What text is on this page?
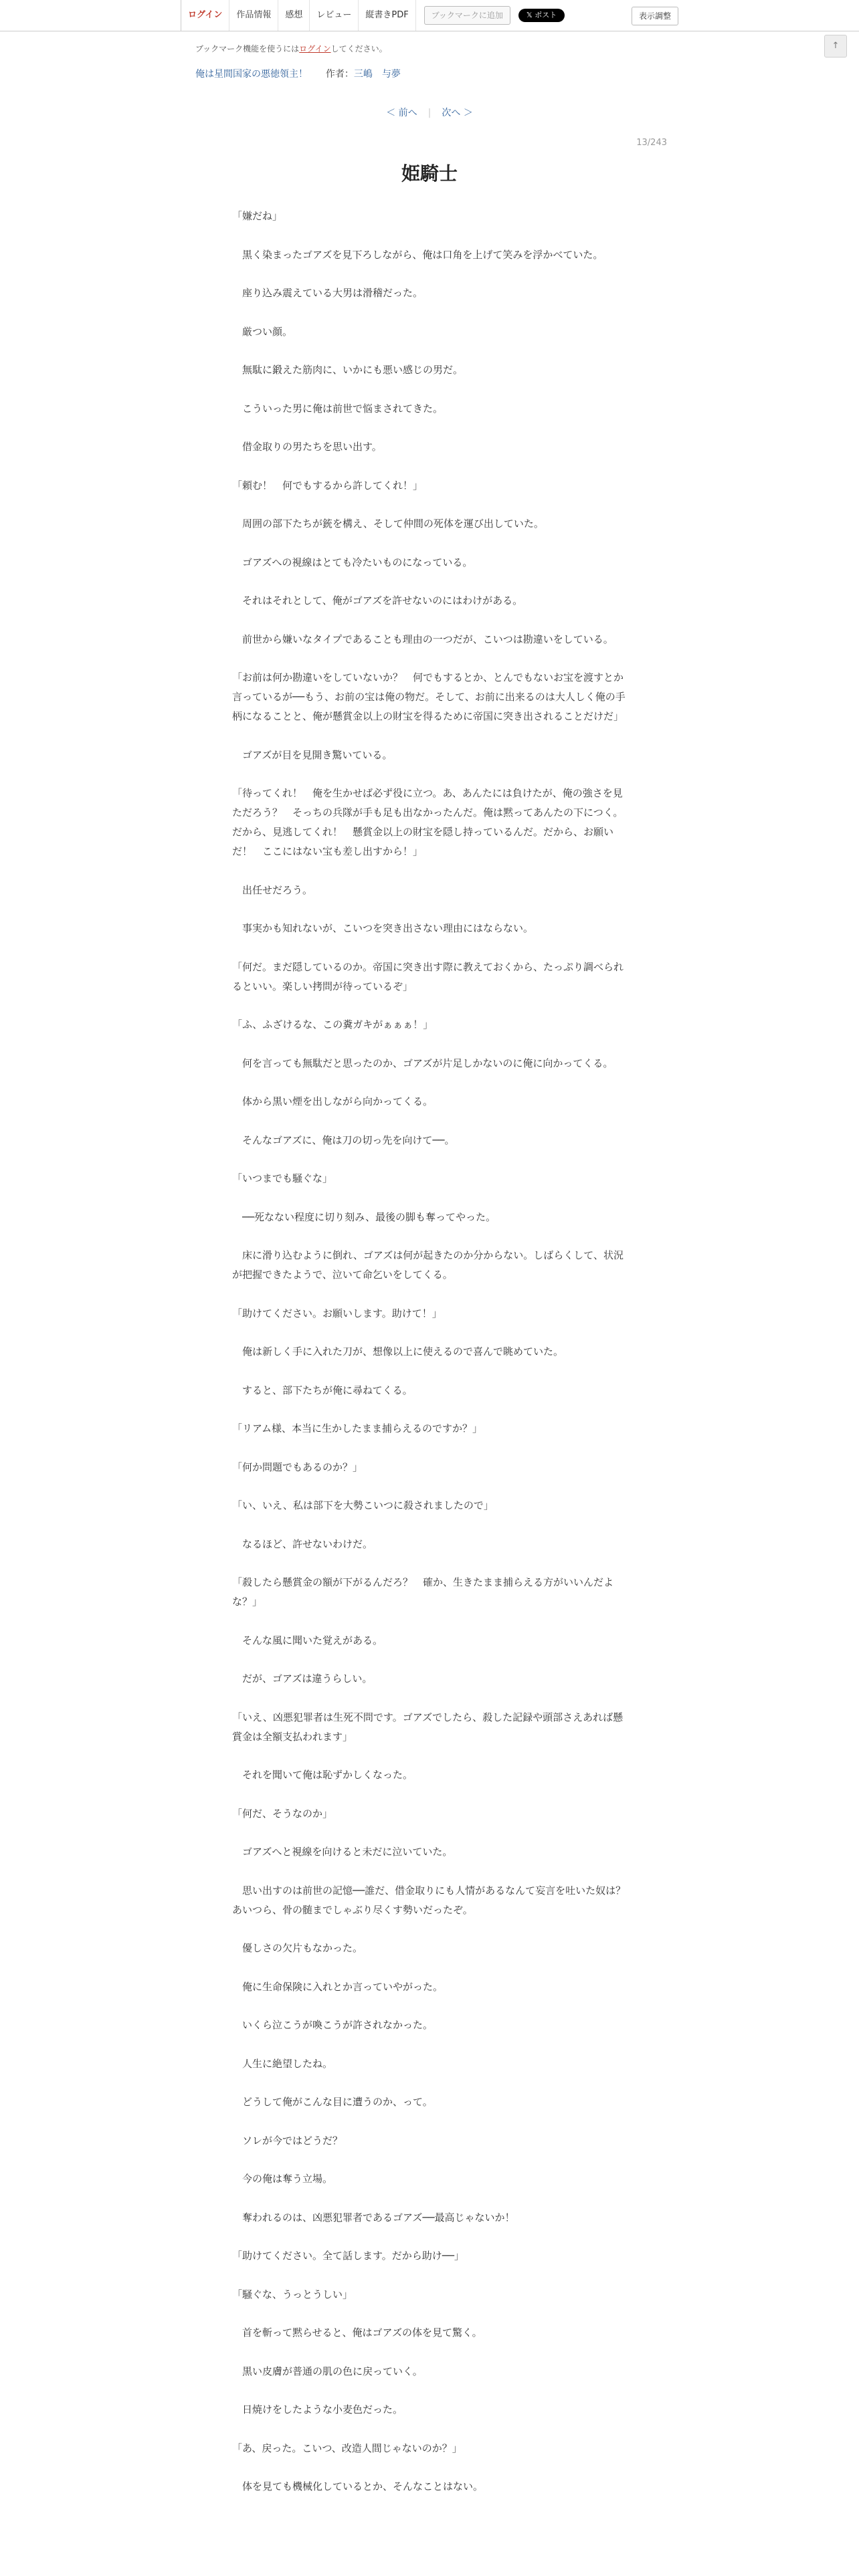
ログイン	作品情報	感想	レビュー	縦書きPDF	ブックマークに追加	𝕏 ポスト	表示調整
↑
ブックマーク機能を使うにはログインしてください。
俺は星間国家の悪徳領主！ 作者：三嶋　与夢
＜ 前へ | 次へ ＞
13/243
姫騎士

「嫌だね」

　黒く染まったゴアズを見下ろしながら、俺は口角を上げて笑みを浮かべていた。

　座り込み震えている大男は滑稽だった。

　厳つい顔。

　無駄に鍛えた筋肉に、いかにも悪い感じの男だ。

　こういった男に俺は前世で悩まされてきた。

　借金取りの男たちを思い出す。

「頼む！　何でもするから許してくれ！」

　周囲の部下たちが銃を構え、そして仲間の死体を運び出していた。

　ゴアズへの視線はとても冷たいものになっている。

　それはそれとして、俺がゴアズを許せないのにはわけがある。

　前世から嫌いなタイプであることも理由の一つだが、こいつは勘違いをしている。

「お前は何か勘違いをしていないか？　何でもするとか、とんでもないお宝を渡すとか言っているが──もう、お前の宝は俺の物だ。そして、お前に出来るのは大人しく俺の手柄になることと、俺が懸賞金以上の財宝を得るために帝国に突き出されることだけだ」

　ゴアズが目を見開き驚いている。

「待ってくれ！　俺を生かせば必ず役に立つ。あ、あんたには負けたが、俺の強さを見ただろう？　そっちの兵隊が手も足も出なかったんだ。俺は黙ってあんたの下につく。だから、見逃してくれ！　懸賞金以上の財宝を隠し持っているんだ。だから、お願いだ！　ここにはない宝も差し出すから！」

　出任せだろう。

　事実かも知れないが、こいつを突き出さない理由にはならない。

「何だ。まだ隠しているのか。帝国に突き出す際に教えておくから、たっぷり調べられるといい。楽しい拷問が待っているぞ」

「ふ、ふざけるな、この糞ガキがぁぁぁ！」

　何を言っても無駄だと思ったのか、ゴアズが片足しかないのに俺に向かってくる。

　体から黒い煙を出しながら向かってくる。

　そんなゴアズに、俺は刀の切っ先を向けて──。

「いつまでも騒ぐな」

　──死なない程度に切り刻み、最後の脚も奪ってやった。

　床に滑り込むように倒れ、ゴアズは何が起きたのか分からない。しばらくして、状況が把握できたようで、泣いて命乞いをしてくる。

「助けてください。お願いします。助けて！」

　俺は新しく手に入れた刀が、想像以上に使えるので喜んで眺めていた。

　すると、部下たちが俺に尋ねてくる。

「リアム様、本当に生かしたまま捕らえるのですか？」

「何か問題でもあるのか？」

「い、いえ、私は部下を大勢こいつに殺されましたので」

　なるほど、許せないわけだ。

「殺したら懸賞金の額が下がるんだろ？　確か、生きたまま捕らえる方がいいんだよな？」

　そんな風に聞いた覚えがある。

　だが、ゴアズは違うらしい。

「いえ、凶悪犯罪者は生死不問です。ゴアズでしたら、殺した記録や頭部さえあれば懸賞金は全額支払われます」

　それを聞いて俺は恥ずかしくなった。

「何だ、そうなのか」

　ゴアズへと視線を向けると未だに泣いていた。

　思い出すのは前世の記憶──誰だ、借金取りにも人情があるなんて妄言を吐いた奴は？　あいつら、骨の髄までしゃぶり尽くす勢いだったぞ。

　優しさの欠片もなかった。

　俺に生命保険に入れとか言っていやがった。

　いくら泣こうが喚こうが許されなかった。

　人生に絶望したね。

　どうして俺がこんな目に遭うのか、って。

　ソレが今ではどうだ？

　今の俺は奪う立場。

　奪われるのは、凶悪犯罪者であるゴアズ──最高じゃないか！

「助けてください。全て話します。だから助け──」

「騒ぐな、うっとうしい」

　首を斬って黙らせると、俺はゴアズの体を見て驚く。

　黒い皮膚が普通の肌の色に戻っていく。

　日焼けをしたような小麦色だった。

「あ、戻った。こいつ、改造人間じゃないのか？」

　体を見ても機械化しているとか、そんなことはない。
